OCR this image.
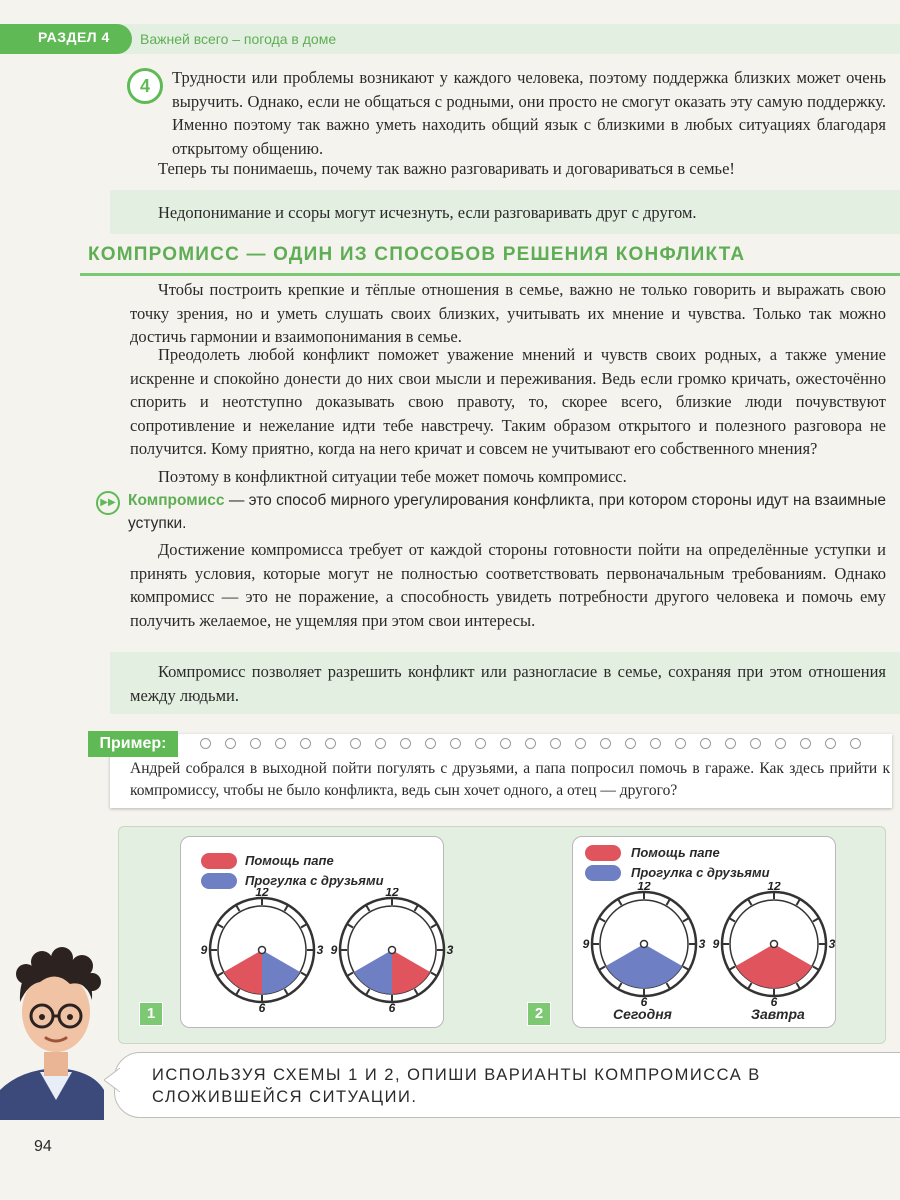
РАЗДЕЛ 4 Важней всего – погода в доме
4	Трудности или проблемы возникают у каждого человека, поэтому поддержка близких может очень выручить. Однако, если не общаться с родными, они просто не смогут оказать эту самую поддержку. Именно поэтому так важно уметь находить общий язык с близкими в любых ситуациях благодаря открытому общению.

Теперь ты понимаешь, почему так важно разговаривать и договариваться в семье!

Недопонимание и ссоры могут исчезнуть, если разговаривать друг с другом.

КОМПРОМИСС — ОДИН ИЗ СПОСОБОВ РЕШЕНИЯ КОНФЛИКТА

Чтобы построить крепкие и тёплые отношения в семье, важно не только говорить и выражать свою точку зрения, но и уметь слушать своих близких, учитывать их мнение и чувства. Только так можно достичь гармонии и взаимопонимания в семье.

Преодолеть любой конфликт поможет уважение мнений и чувств своих родных, а также умение искренне и спокойно донести до них свои мысли и переживания. Ведь если громко кричать, ожесточённо спорить и неотступно доказывать свою правоту, то, скорее всего, близкие люди почувствуют сопротивление и нежелание идти тебе навстречу. Таким образом открытого и полезного разговора не получится. Кому приятно, когда на него кричат и совсем не учитывают его собственного мнения?

Поэтому в конфликтной ситуации тебе может помочь компромисс.

▶▶ Компромисс — это способ мирного урегулирования конфликта, при котором стороны идут на взаимные уступки.

Достижение компромисса требует от каждой стороны готовности пойти на определённые уступки и принять условия, которые могут не полностью соответствовать первоначальным требованиям. Однако компромисс — это не поражение, а способность увидеть потребности другого человека и помочь ему получить желаемое, не ущемляя при этом свои интересы.

Компромисс позволяет разрешить конфликт или разногласие в семье, сохраняя при этом отношения между людьми.

Андрей собрался в выходной пойти погулять с друзьями, а папа попросил помочь в гараже. Как здесь прийти к компромиссу, чтобы не было конфликта, ведь сын хочет одного, а отец — другого?

Пример:
Помощь папе
Прогулка с друзьями
Помощь папе
Прогулка с друзьями
1	2
12
3
6
9
12
3
6
9
12
3
6
9
12
3
6
9
Сегодня	Завтра

ИСПОЛЬЗУЯ СХЕМЫ 1 И 2, ОПИШИ ВАРИАНТЫ КОМПРОМИССА В СЛОЖИВШЕЙСЯ СИТУАЦИИ.

94
